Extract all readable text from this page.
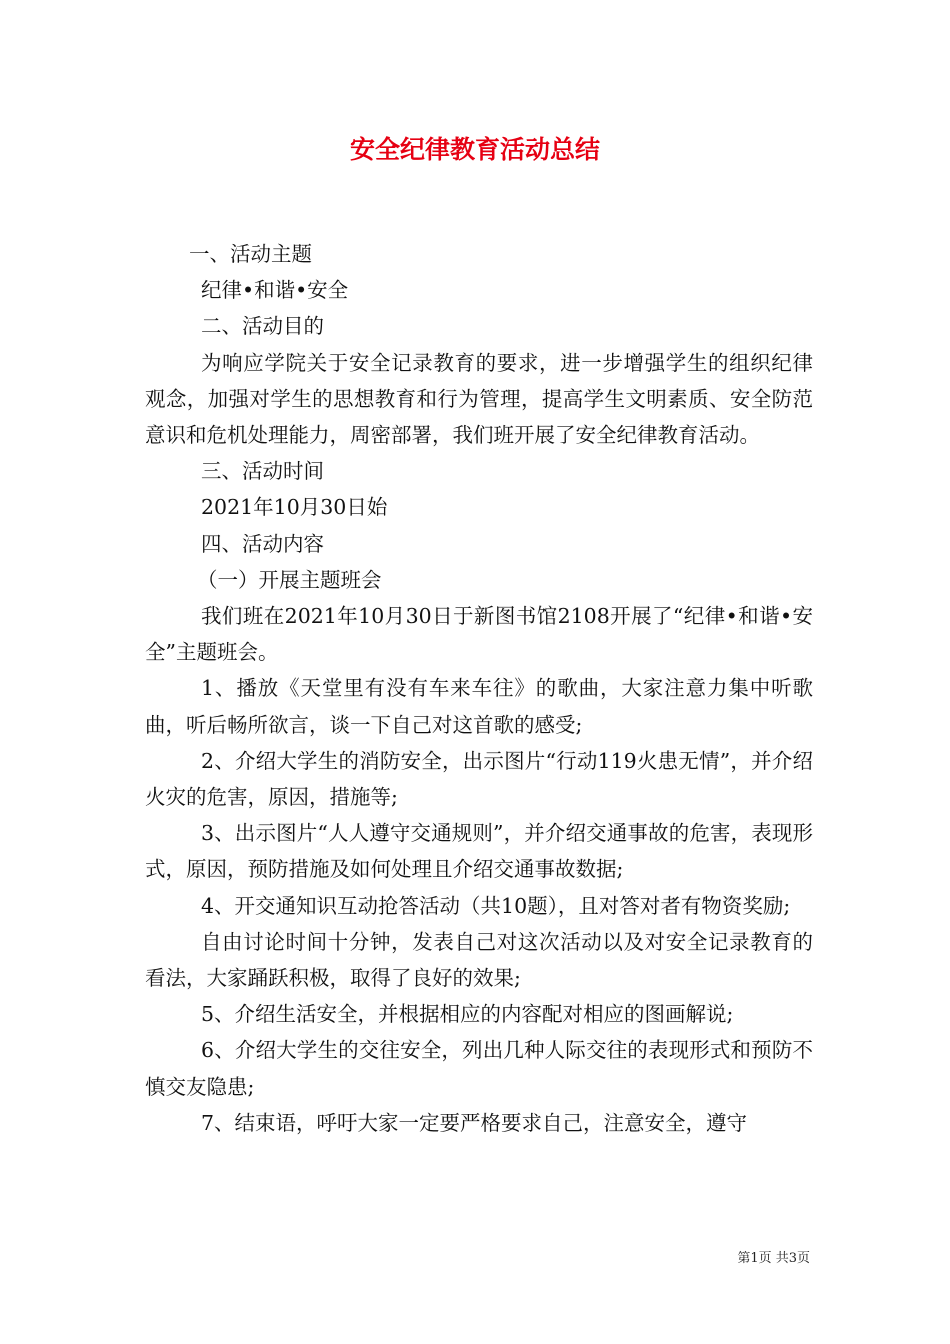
安全纪律教育活动总结

一、活动主题

纪律•和谐•安全

二、活动目的

为响应学院关于安全记录教育的要求，进一步增强学生的组织纪律观念，加强对学生的思想教育和行为管理，提高学生文明素质、安全防范意识和危机处理能力，周密部署，我们班开展了安全纪律教育活动。

三、活动时间

2021年10月30日始

四、活动内容

（一）开展主题班会

我们班在2021年10月30日于新图书馆2108开展了“纪律•和谐•安全”主题班会。

1、播放《天堂里有没有车来车往》的歌曲，大家注意力集中听歌曲，听后畅所欲言，谈一下自己对这首歌的感受;

2、介绍大学生的消防安全，出示图片“行动119火患无情”，并介绍火灾的危害，原因，措施等;

3、出示图片“人人遵守交通规则”，并介绍交通事故的危害，表现形式，原因，预防措施及如何处理且介绍交通事故数据;

4、开交通知识互动抢答活动（共10题），且对答对者有物资奖励;

自由讨论时间十分钟，发表自己对这次活动以及对安全记录教育的看法，大家踊跃积极，取得了良好的效果;

5、介绍生活安全，并根据相应的内容配对相应的图画解说;

6、介绍大学生的交往安全，列出几种人际交往的表现形式和预防不慎交友隐患;

7、结束语，呼吁大家一定要严格要求自己，注意安全，遵守

第1页 共3页
